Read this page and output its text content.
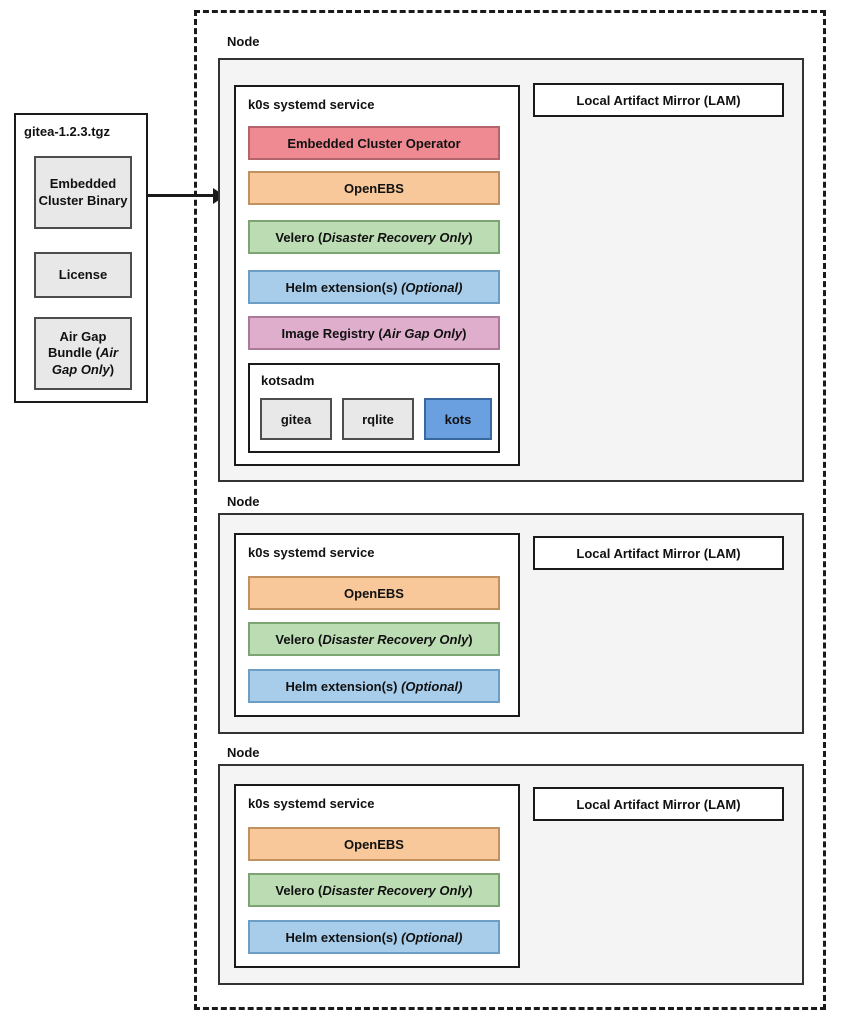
gitea-1.2.3.tgz
Embedded Cluster Binary
License
Air Gap Bundle (Air Gap Only)
Node
k0s systemd service	Local Artifact Mirror (LAM)
Embedded Cluster Operator
OpenEBS
Velero (Disaster Recovery Only)
Helm extension(s) (Optional)
Image Registry (Air Gap Only)
kotsadm
gitea	rqlite	kots
Node
k0s systemd service	Local Artifact Mirror (LAM)
OpenEBS
Velero (Disaster Recovery Only)
Helm extension(s) (Optional)
Node
k0s systemd service	Local Artifact Mirror (LAM)
OpenEBS
Velero (Disaster Recovery Only)
Helm extension(s) (Optional)
